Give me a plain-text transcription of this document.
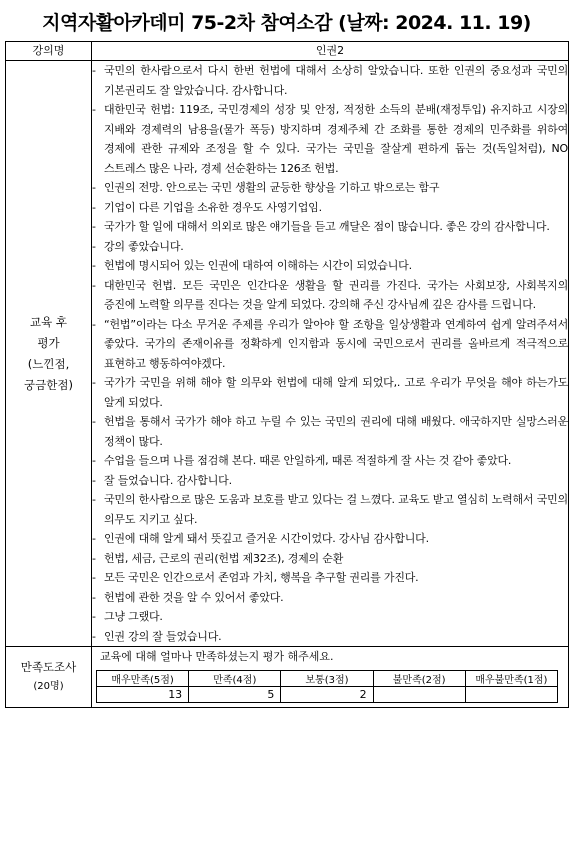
지역자활아카데미 75-2차 참여소감 (날짜: 2024. 11. 19)
강의명	인권2

교육 후
평가
(느낀점,
궁금한점)

- 국민의 한사람으로서 다시 한번 헌법에 대해서 소상히 알았습니다. 또한 인권의 중요성과 국민의 기본권리도 잘 알았습니다. 감사합니다.
- 대한민국 헌법: 119조, 국민경제의 성장 및 안정, 적정한 소득의 분배(재정투입) 유지하고 시장의 지배와 경제력의 남용을(물가 폭등) 방지하며 경제주체 간 조화를 통한 경제의 민주화를 위하여 경제에 관한 규제와 조정을 할 수 있다. 국가는 국민을 잘살게 편하게 돕는 것(독일처럼), NO 스트레스 많은 나라, 경제 선순환하는 126조 헌법.
- 인권의 전망. 안으로는 국민 생활의 균등한 향상을 기하고 밖으로는 함구
- 기업이 다른 기업을 소유한 경우도 사영기업임.
- 국가가 할 일에 대해서 의외로 많은 얘기들을 듣고 깨달은 점이 많습니다. 좋은 강의 감사합니다.
- 강의 좋았습니다.
- 헌법에 명시되어 있는 인권에 대하여 이해하는 시간이 되었습니다.
- 대한민국 헌법. 모든 국민은 인간다운 생활을 할 권리를 가진다. 국가는 사회보장, 사회복지의 증진에 노력할 의무를 진다는 것을 알게 되었다. 강의해 주신 강사님께 깊은 감사를 드립니다.
- “헌법”이라는 다소 무거운 주제를 우리가 알아야 할 조항을 일상생활과 연계하여 쉽게 알려주셔서 좋았다. 국가의 존재이유를 정확하게 인지함과 동시에 국민으로서 권리를 올바르게 적극적으로 표현하고 행동하여야겠다.
- 국가가 국민을 위해 해야 할 의무와 헌법에 대해 알게 되었다,. 고로 우리가 무엇을 해야 하는가도 알게 되었다.
- 헌법을 통해서 국가가 해야 하고 누릴 수 있는 국민의 권리에 대해 배웠다. 애국하지만 실망스러운 정책이 많다.
- 수업을 들으며 나를 점검해 본다. 때론 안일하게, 때론 적절하게 잘 사는 것 같아 좋았다.
- 잘 들었습니다. 감사합니다.
- 국민의 한사람으로 많은 도움과 보호를 받고 있다는 걸 느꼈다. 교육도 받고 열심히 노력해서 국민의 의무도 지키고 싶다.
- 인권에 대해 알게 돼서 뜻깊고 즐거운 시간이었다. 강사님 감사합니다.
- 헌법, 세금, 근로의 권리(헌법 제32조), 경제의 순환
- 모든 국민은 인간으로서 존엄과 가치, 행복을 추구할 권리를 가진다.
- 헌법에 관한 것을 알 수 있어서 좋았다.
- 그냥 그랬다.
- 인권 강의 잘 들었습니다.

만족도조사
(20명)

교육에 대해 얼마나 만족하셨는지 평가 해주세요.
매우만족(5점)	만족(4점)	보통(3점)	불만족(2점)	매우불만족(1점)
13	5	2		
